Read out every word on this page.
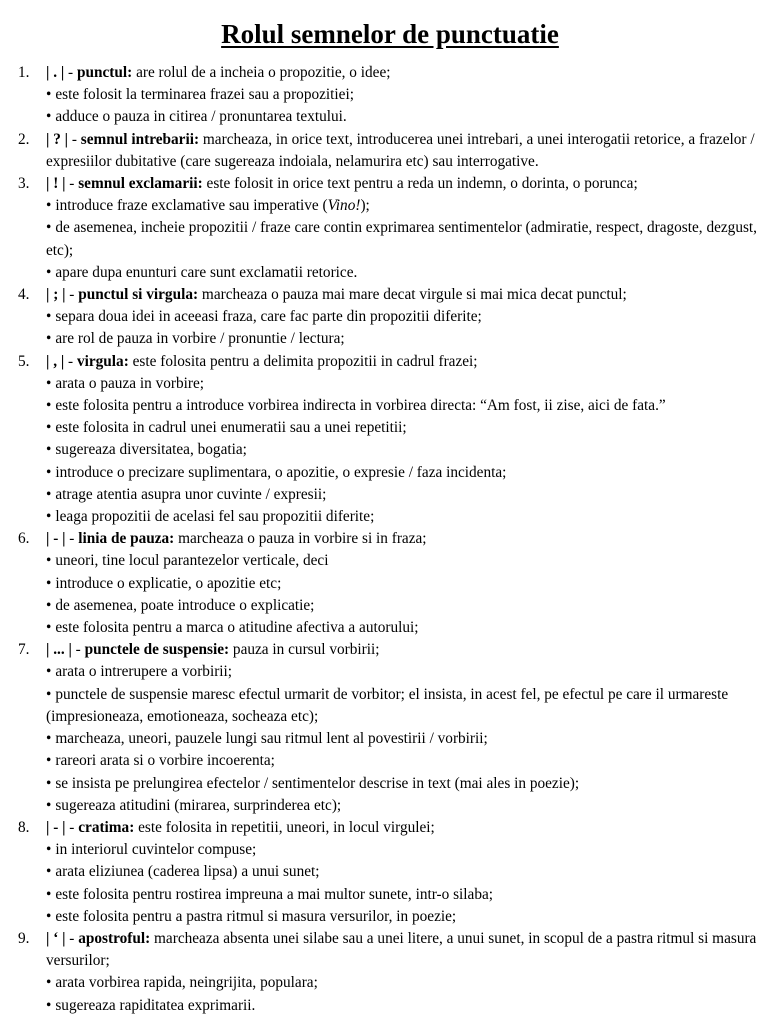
Rolul semnelor de punctuatie
1. | . | - punctul: are rolul de a incheia o propozitie, o idee;
• este folosit la terminarea frazei sau a propozitiei;
• adduce o pauza in citirea / pronuntarea textului.
2. | ? | - semnul intrebarii: marcheaza, in orice text, introducerea unei intrebari, a unei interogatii retorice, a frazelor / expresiilor dubitative (care sugereaza indoiala, nelamurira etc) sau interrogative.
3. | ! | - semnul exclamarii: este folosit in orice text pentru a reda un indemn, o dorinta, o porunca;
• introduce fraze exclamative sau imperative (Vino!);
• de asemenea, incheie propozitii / fraze care contin exprimarea sentimentelor (admiratie, respect, dragoste, dezgust, etc);
• apare dupa enunturi care sunt exclamatii retorice.
4. | ; | - punctul si virgula: marcheaza o pauza mai mare decat virgule si mai mica decat punctul;
• separa doua idei in aceeasi fraza, care fac parte din propozitii diferite;
• are rol de pauza in vorbire / pronuntie / lectura;
5. | , | - virgula: este folosita pentru a delimita propozitii in cadrul frazei;
• arata o pauza in vorbire;
• este folosita pentru a introduce vorbirea indirecta in vorbirea directa: “Am fost, ii zise, aici de fata.”
• este folosita in cadrul unei enumeratii sau a unei repetitii;
• sugereaza diversitatea, bogatia;
• introduce o precizare suplimentara, o apozitie, o expresie / faza incidenta;
• atrage atentia asupra unor cuvinte / expresii;
• leaga propozitii de acelasi fel sau propozitii diferite;
6. | - | - linia de pauza: marcheaza o pauza in vorbire si in fraza;
• uneori, tine locul parantezelor verticale, deci
• introduce o explicatie, o apozitie etc;
• de asemenea, poate introduce o explicatie;
• este folosita pentru a marca o atitudine afectiva a autorului;
7. | ... | - punctele de suspensie: pauza in cursul vorbirii;
• arata o intrerupere a vorbirii;
• punctele de suspensie maresc efectul urmarit de vorbitor; el insista, in acest fel, pe efectul pe care il urmareste (impresioneaza, emotioneaza, socheaza etc);
• marcheaza, uneori, pauzele lungi sau ritmul lent al povestirii / vorbirii;
• rareori arata si o vorbire incoerenta;
• se insista pe prelungirea efectelor / sentimentelor descrise in text (mai ales in poezie);
• sugereaza atitudini (mirarea, surprinderea etc);
8. | - | - cratima: este folosita in repetitii, uneori, in locul virgulei;
• in interiorul cuvintelor compuse;
• arata eliziunea (caderea lipsa) a unui sunet;
• este folosita pentru rostirea impreuna a mai multor sunete, intr-o silaba;
• este folosita pentru a pastra ritmul si masura versurilor, in poezie;
9. | ‘ | - apostroful: marcheaza absenta unei silabe sau a unei litere, a unui sunet, in scopul de a pastra ritmul si masura versurilor;
• arata vorbirea rapida, neingrijita, populara;
• sugereaza rapiditatea exprimarii.
